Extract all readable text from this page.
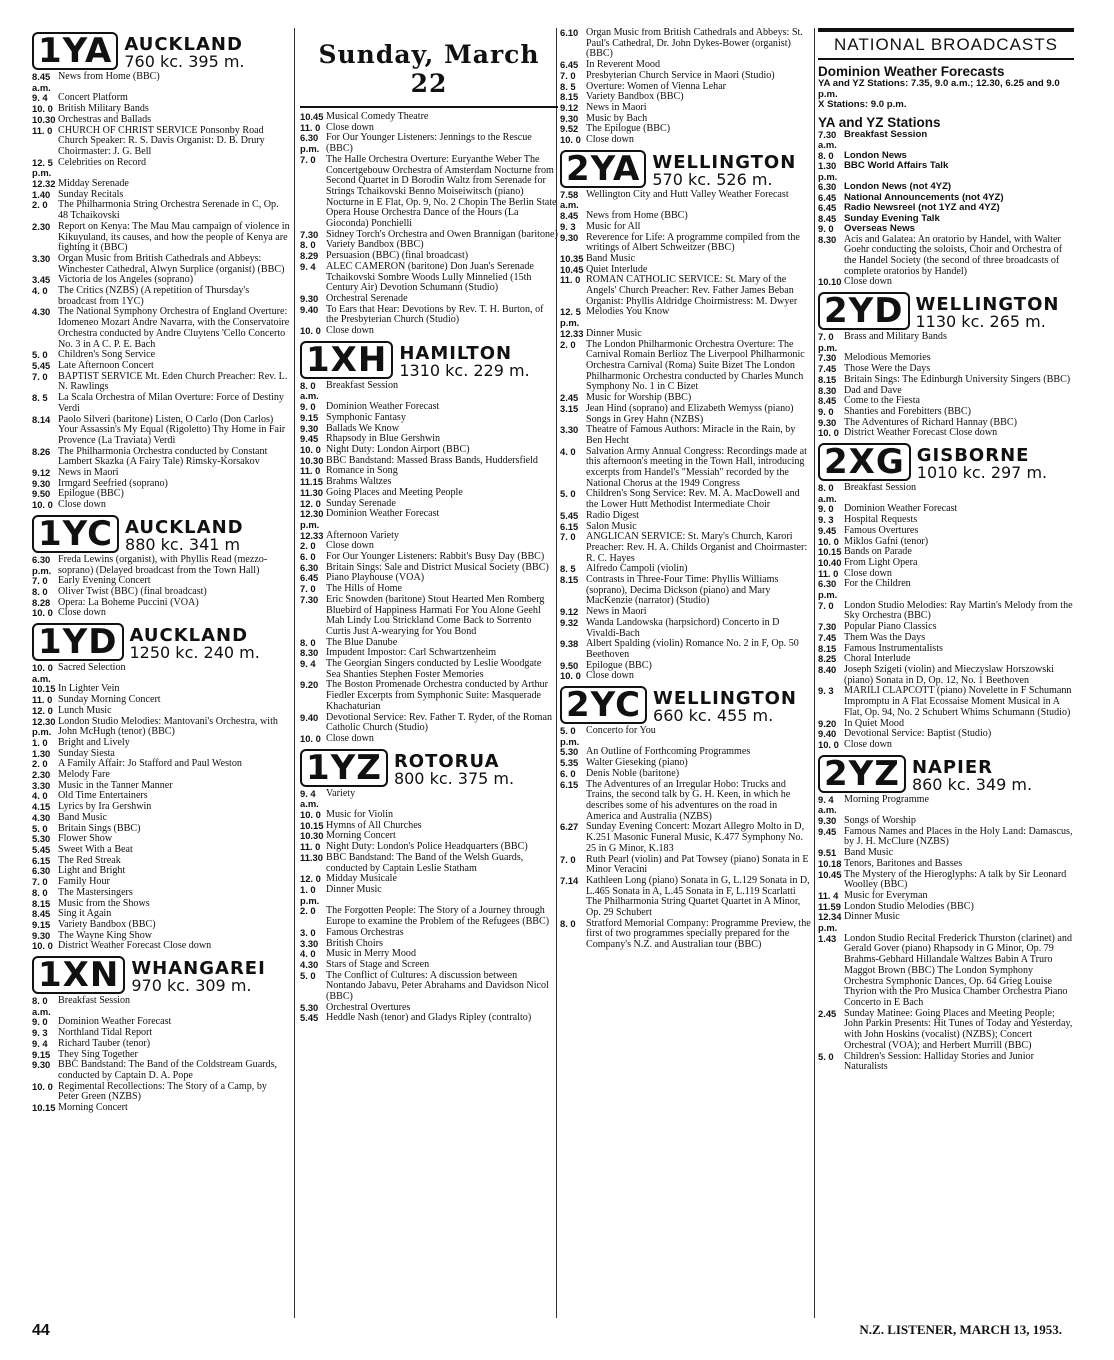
1YA AUCKLAND
760 kc. 395 m.
8.45 a.m.
News from Home (BBC)
9. 4	Concert Platform
10. 0 British Military Bands
10.30 Orchestras and Ballads
11. 0 CHURCH OF CHRIST SERVICE Ponsonby Road Church Speaker: R. S. Davis Organist: D. B. Drury Choirmaster: J. G. Bell
12. 5 p.m.
Celebrities on Record
12.32 Midday Serenade
1.40 Sunday Recitals
2. 0	The Philharmonia String Orchestra Serenade in C, Op. 48 Tchaikovski
2.30 Report on Kenya: The Mau Mau campaign of violence in Kikuyuland, its causes, and how the people of Kenya are fighting it (BBC)
3.30 Organ Music from British Cathedrals and Abbeys: Winchester Cathedral, Alwyn Surplice (organist) (BBC)
3.45 Victoria de los Angeles (soprano)
4. 0	The Critics (NZBS) (A repetition of Thursday's broadcast from 1YC)
4.30 The National Symphony Orchestra of England Overture: Idomeneo Mozart Andre Navarra, with the Conservatoire Orchestra conducted by Andre Cluytens 'Cello Concerto No. 3 in A C. P. E. Bach
5. 0	Children's Song Service
5.45 Late Afternoon Concert
7. 0	BAPTIST SERVICE Mt. Eden Church Preacher: Rev. L. N. Rawlings
8. 5	La Scala Orchestra of Milan Overture: Force of Destiny Verdi
8.14 Paolo Silveri (baritone) Listen, O Carlo (Don Carlos) Your Assassin's My Equal (Rigoletto) Thy Home in Fair Provence (La Traviata) Verdi
8.26 The Philharmonia Orchestra conducted by Constant Lambert Skazka (A Fairy Tale) Rimsky-Korsakov
9.12 News in Maori
9.30 Irmgard Seefried (soprano)
9.50 Epilogue (BBC)
10. 0 Close down
1YC AUCKLAND
880 kc. 341 m
6.30 p.m.
Freda Lewins (organist), with Phyllis Read (mezzo-soprano) (Delayed broadcast from the Town Hall)
7. 0	Early Evening Concert
8. 0	Oliver Twist (BBC) (final broadcast)
8.28 Opera: La Boheme Puccini (VOA)
10. 0 Close down
1YD AUCKLAND
1250 kc. 240 m.
10. 0 a.m.
Sacred Selection
10.15 In Lighter Vein
11. 0 Sunday Morning Concert
12. 0 Lunch Music
12.30 p.m.
London Studio Melodies: Mantovani's Orchestra, with John McHugh (tenor) (BBC)
1. 0	Bright and Lively
1.30 Sunday Siesta
2. 0	A Family Affair: Jo Stafford and Paul Weston
2.30 Melody Fare
3.30 Music in the Tanner Manner
4. 0	Old Time Entertainers
4.15 Lyrics by Ira Gershwin
4.30 Band Music
5. 0	Britain Sings (BBC)
5.30 Flower Show
5.45 Sweet With a Beat
6.15 The Red Streak
6.30 Light and Bright
7. 0	Family Hour
8. 0	The Mastersingers
8.15 Music from the Shows
8.45 Sing it Again
9.15 Variety Bandbox (BBC)
9.30 The Wayne King Show
10. 0 District Weather Forecast Close down
1XN WHANGAREI
970 kc. 309 m.
8. 0 a.m.
Breakfast Session
9. 0	Dominion Weather Forecast
9. 3	Northland Tidal Report
9. 4	Richard Tauber (tenor)
9.15 They Sing Together
9.30 BBC Bandstand: The Band of the Coldstream Guards, conducted by Captain D. A. Pope
10. 0 Regimental Recollections: The Story of a Camp, by Peter Green (NZBS)
10.15 Morning Concert
Sunday, March 22
10.45 Musical Comedy Theatre
11. 0 Close down
6.30 p.m.
For Our Younger Listeners: Jennings to the Rescue (BBC)
7. 0	The Halle Orchestra Overture: Euryanthe Weber The Concertgebouw Orchestra of Amsterdam Nocturne from Second Quartet in D Borodin Waltz from Serenade for Strings Tchaikovski Benno Moiseiwitsch (piano) Nocturne in E Flat, Op. 9, No. 2 Chopin The Berlin State Opera House Orchestra Dance of the Hours (La Gioconda) Ponchielli
7.30 Sidney Torch's Orchestra and Owen Brannigan (baritone)
8. 0	Variety Bandbox (BBC)
8.29 Persuasion (BBC) (final broadcast)
9. 4	ALEC CAMERON (baritone) Don Juan's Serenade Tchaikovski Sombre Woods Lully Minnelied (15th Century Air) Devotion Schumann (Studio)
9.30 Orchestral Serenade
9.40 To Ears that Hear: Devotions by Rev. T. H. Burton, of the Presbyterian Church (Studio)
10. 0 Close down
1XH HAMILTON
1310 kc. 229 m.
8. 0 a.m.
Breakfast Session
9. 0	Dominion Weather Forecast
9.15 Symphonic Fantasy
9.30 Ballads We Know
9.45 Rhapsody in Blue Gershwin
10. 0 Night Duty: London Airport (BBC)
10.30 BBC Bandstand: Massed Brass Bands, Huddersfield
11. 0 Romance in Song
11.15 Brahms Waltzes
11.30 Going Places and Meeting People
12. 0 Sunday Serenade
12.30 p.m.
Dominion Weather Forecast
12.33 Afternoon Variety
2. 0	Close down
6. 0	For Our Younger Listeners: Rabbit's Busy Day (BBC)
6.30 Britain Sings: Sale and District Musical Society (BBC)
6.45 Piano Playhouse (VOA)
7. 0	The Hills of Home
7.30 Eric Snowden (baritone) Stout Hearted Men Romberg Bluebird of Happiness Harmati For You Alone Geehl Mah Lindy Lou Strickland Come Back to Sorrento Curtis Just A-wearying for You Bond
8. 0	The Blue Danube
8.30 Impudent Impostor: Carl Schwartzenheim
9. 4	The Georgian Singers conducted by Leslie Woodgate Sea Shanties Stephen Foster Memories
9.20 The Boston Promenade Orchestra conducted by Arthur Fiedler Excerpts from Symphonic Suite: Masquerade Khachaturian
9.40 Devotional Service: Rev. Father T. Ryder, of the Roman Catholic Church (Studio)
10. 0 Close down
1YZ ROTORUA
800 kc. 375 m.
9. 4 a.m.
Variety
10. 0 Music for Violin
10.15 Hymns of All Churches
10.30 Morning Concert
11. 0 Night Duty: London's Police Headquarters (BBC)
11.30 BBC Bandstand: The Band of the Welsh Guards, conducted by Captain Leslie Statham
12. 0 Midday Musicale
1. 0 p.m.
Dinner Music
2. 0	The Forgotten People: The Story of a Journey through Europe to examine the Problem of the Refugees (BBC)
3. 0	Famous Orchestras
3.30 British Choirs
4. 0	Music in Merry Mood
4.30 Stars of Stage and Screen
5. 0	The Conflict of Cultures: A discussion between Nontando Jabavu, Peter Abrahams and Davidson Nicol (BBC)
5.30 Orchestral Overtures
5.45 Heddle Nash (tenor) and Gladys Ripley (contralto)
6.10 Organ Music from British Cathedrals and Abbeys: St. Paul's Cathedral, Dr. John Dykes-Bower (organist) (BBC)
6.45 In Reverent Mood
7. 0	Presbyterian Church Service in Maori (Studio)
8. 5	Overture: Women of Vienna Lehar
8.15 Variety Bandbox (BBC)
9.12 News in Maori
9.30 Music by Bach
9.52 The Epilogue (BBC)
10. 0 Close down
2YA WELLINGTON
570 kc. 526 m.
7.58 a.m.
Wellington City and Hutt Valley Weather Forecast
8.45 News from Home (BBC)
9. 3	Music for All
9.30 Reverence for Life: A programme compiled from the writings of Albert Schweitzer (BBC)
10.35 Band Music
10.45 Quiet Interlude
11. 0 ROMAN CATHOLIC SERVICE: St. Mary of the Angels' Church Preacher: Rev. Father James Beban Organist: Phyllis Aldridge Choirmistress: M. Dwyer
12. 5 p.m.
Melodies You Know
12.33 Dinner Music
2. 0	The London Philharmonic Orchestra Overture: The Carnival Romain Berlioz The Liverpool Philharmonic Orchestra Carnival (Roma) Suite Bizet The London Philharmonic Orchestra conducted by Charles Munch Symphony No. 1 in C Bizet
2.45 Music for Worship (BBC)
3.15 Jean Hind (soprano) and Elizabeth Wemyss (piano) Songs in Grey Hahn (NZBS)
3.30 Theatre of Famous Authors: Miracle in the Rain, by Ben Hecht
4. 0	Salvation Army Annual Congress: Recordings made at this afternoon's meeting in the Town Hall, introducing excerpts from Handel's "Messiah" recorded by the National Chorus at the 1949 Congress
5. 0	Children's Song Service: Rev. M. A. MacDowell and the Lower Hutt Methodist Intermediate Choir
5.45 Radio Digest
6.15 Salon Music
7. 0	ANGLICAN SERVICE: St. Mary's Church, Karori Preacher: Rev. H. A. Childs Organist and Choirmaster: R. C. Hayes
8. 5	Alfredo Campoli (violin)
8.15 Contrasts in Three-Four Time: Phyllis Williams (soprano), Decima Dickson (piano) and Mary MacKenzie (narrator) (Studio)
9.12 News in Maori
9.32 Wanda Landowska (harpsichord) Concerto in D Vivaldi-Bach
9.38 Albert Spalding (violin) Romance No. 2 in F, Op. 50 Beethoven
9.50 Epilogue (BBC)
10. 0 Close down
2YC WELLINGTON
660 kc. 455 m.
5. 0 p.m.
Concerto for You
5.30 An Outline of Forthcoming Programmes
5.35 Walter Gieseking (piano)
6. 0	Denis Noble (baritone)
6.15 The Adventures of an Irregular Hobo: Trucks and Trains, the second talk by G. H. Keen, in which he describes some of his adventures on the road in America and Australia (NZBS)
6.27 Sunday Evening Concert: Mozart Allegro Molto in D, K.251 Masonic Funeral Music, K.477 Symphony No. 25 in G Minor, K.183
7. 0	Ruth Pearl (violin) and Pat Towsey (piano) Sonata in E Minor Veracini
7.14 Kathleen Long (piano) Sonata in G, L.129 Sonata in D, L.465 Sonata in A, L.45 Sonata in F, L.119 Scarlatti The Philharmonia String Quartet Quartet in A Minor, Op. 29 Schubert
8. 0	Stratford Memorial Company: Programme Preview, the first of two programmes specially prepared for the Company's N.Z. and Australian tour (BBC)
NATIONAL BROADCASTS
Dominion Weather Forecasts
YA and YZ Stations: 7.35, 9.0 a.m.; 12.30, 6.25 and 9.0 p.m.
X Stations: 9.0 p.m.
YA and YZ Stations
7.30 a.m.
Breakfast Session
8. 0	London News
1.30 p.m.
BBC World Affairs Talk
6.30 London News (not 4YZ)
6.45 National Announcements (not 4YZ)
6.45 Radio Newsreel (not 1YZ and 4YZ)
8.45 Sunday Evening Talk
9. 0	Overseas News
8.30 Acis and Galatea: An oratorio by Handel, with Walter Goehr conducting the soloists, Choir and Orchestra of the Handel Society (the second of three broadcasts of complete oratorios by Handel)
10.10 Close down
2YD WELLINGTON
1130 kc. 265 m.
7. 0 p.m.
Brass and Military Bands
7.30 Melodious Memories
7.45 Those Were the Days
8.15 Britain Sings: The Edinburgh University Singers (BBC)
8.30 Dad and Dave
8.45 Come to the Fiesta
9. 0	Shanties and Forebitters (BBC)
9.30 The Adventures of Richard Hannay (BBC)
10. 0 District Weather Forecast Close down
2XG GISBORNE
1010 kc. 297 m.
8. 0 a.m.
Breakfast Session
9. 0	Dominion Weather Forecast
9. 3	Hospital Requests
9.45 Famous Overtures
10. 0 Miklos Gafni (tenor)
10.15 Bands on Parade
10.40 From Light Opera
11. 0 Close down
6.30 p.m.
For the Children
7. 0	London Studio Melodies: Ray Martin's Melody from the Sky Orchestra (BBC)
7.30 Popular Piano Classics
7.45 Them Was the Days
8.15 Famous Instrumentalists
8.25 Choral Interlude
8.40 Joseph Szigeti (violin) and Mieczyslaw Horszowski (piano) Sonata in D, Op. 12, No. 1 Beethoven
9. 3	MARILI CLAPCOTT (piano) Novelette in F Schumann Impromptu in A Flat Ecossaise Moment Musical in A Flat, Op. 94, No. 2 Schubert Whims Schumann (Studio)
9.20 In Quiet Mood
9.40 Devotional Service: Baptist (Studio)
10. 0 Close down
2YZ NAPIER
860 kc. 349 m.
9. 4 a.m.
Morning Programme
9.30 Songs of Worship
9.45 Famous Names and Places in the Holy Land: Damascus, by J. H. McClure (NZBS)
9.51 Band Music
10.18 Tenors, Baritones and Basses
10.45 The Mystery of the Hieroglyphs: A talk by Sir Leonard Woolley (BBC)
11. 4 Music for Everyman
11.59 London Studio Melodies (BBC)
12.34 p.m.
Dinner Music
1.43 London Studio Recital Frederick Thurston (clarinet) and Gerald Gover (piano) Rhapsody in G Minor, Op. 79 Brahms-Gebhard Hillandale Waltzes Babin A Truro Maggot Brown (BBC) The London Symphony Orchestra Symphonic Dances, Op. 64 Grieg Louise Thyrion with the Pro Musica Chamber Orchestra Piano Concerto in E Bach
2.45 Sunday Matinee: Going Places and Meeting People; John Parkin Presents: Hit Tunes of Today and Yesterday, with John Hoskins (vocalist) (NZBS); Concert Orchestral (VOA); and Herbert Murrill (BBC)
5. 0	Children's Session: Halliday Stories and Junior Naturalists
44	N.Z. LISTENER, MARCH 13, 1953.
